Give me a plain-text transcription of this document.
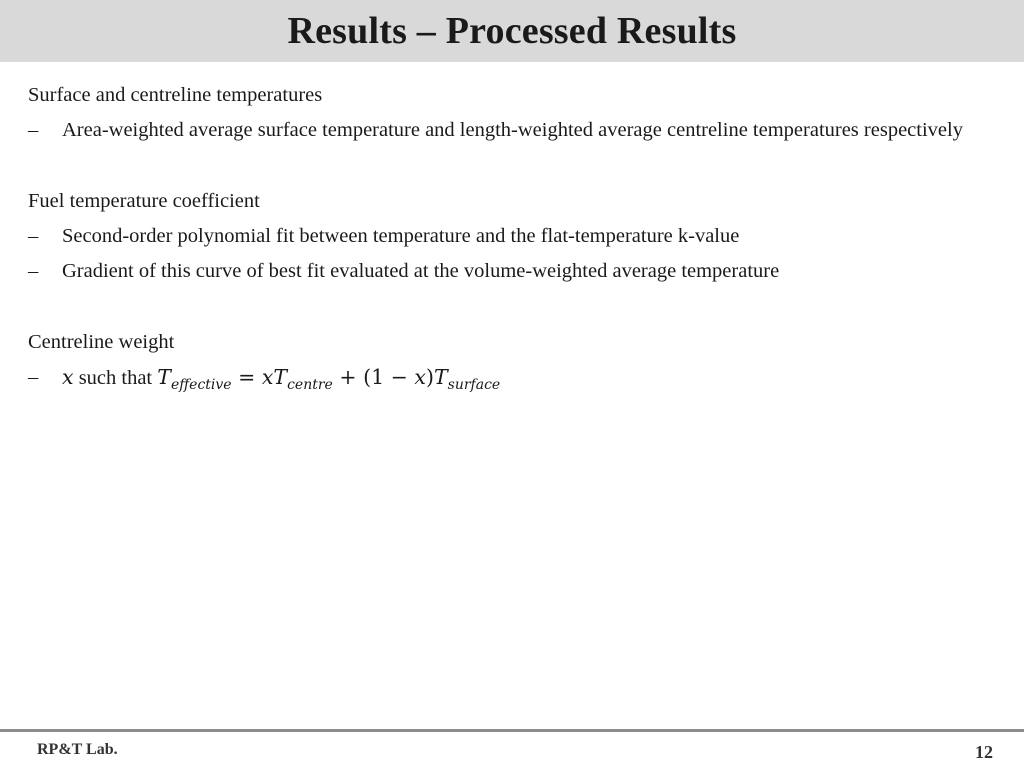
Results – Processed Results
Surface and centreline temperatures
–	Area-weighted average surface temperature and length-weighted average centreline temperatures respectively
Fuel temperature coefficient
–	Second-order polynomial fit between temperature and the flat-temperature k-value
–	Gradient of this curve of best fit evaluated at the volume-weighted average temperature
Centreline weight
–	x such that $T_{effective} = xT_{centre} + (1 - x)T_{surface}$
RP&T Lab.	12
